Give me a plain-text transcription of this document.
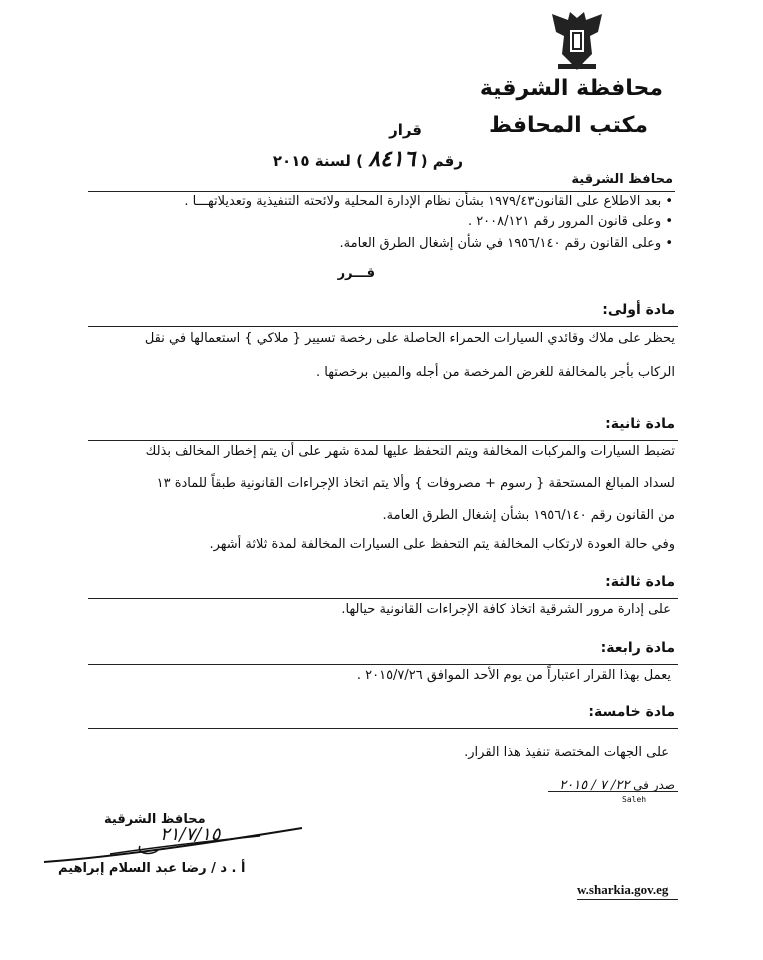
محافظة الشرقية
مكتب المحافظ
قرار
رقم ( ٨٤١٦ ) لسنة ٢٠١٥
محافظ الشرقية
• بعد الاطلاع على القانون١٩٧٩/٤٣ بشأن نظام الإدارة المحلية ولائحته التنفيذية وتعديلاتهـــا .
• وعلى قانون المرور رقم ٢٠٠٨/١٢١ .
• وعلى القانون رقم ١٩٥٦/١٤٠ في شأن إشغال الطرق العامة.
قـــرر
مادة أولى:
يحظر على ملاك وقائدي السيارات الحمراء الحاصلة على رخصة تسيير { ملاكي } استعمالها في نقل
الركاب بأجر بالمخالفة للغرض المرخصة من أجله والمبين برخصتها .
مادة ثانية:
تضبط السيارات والمركبات المخالفة ويتم التحفظ عليها لمدة شهر على أن يتم إخطار المخالف بذلك
لسداد المبالغ المستحقة { رسوم + مصروفات } وألا يتم اتخاذ الإجراءات القانونية طبقاً للمادة ١٣
من القانون رقم ١٩٥٦/١٤٠ بشأن إشغال الطرق العامة.
وفي حالة العودة لارتكاب المخالفة يتم التحفظ على السيارات المخالفة لمدة ثلاثة أشهر.
مادة ثالثة:
على إدارة مرور الشرقية اتخاذ كافة الإجراءات القانونية حيالها.
مادة رابعة:
يعمل بهذا القرار اعتباراً من يوم الأحد الموافق ٢٠١٥/٧/٢٦ .
مادة خامسة:
على الجهات المختصة تنفيذ هذا القرار.
صدر في ٢٢/ ٧ / ٢٠١٥
Saleh
محافظ الشرقية
٢١/٧/١٥
أ . د / رضا عبد السلام إبراهيم
w.sharkia.gov.eg
